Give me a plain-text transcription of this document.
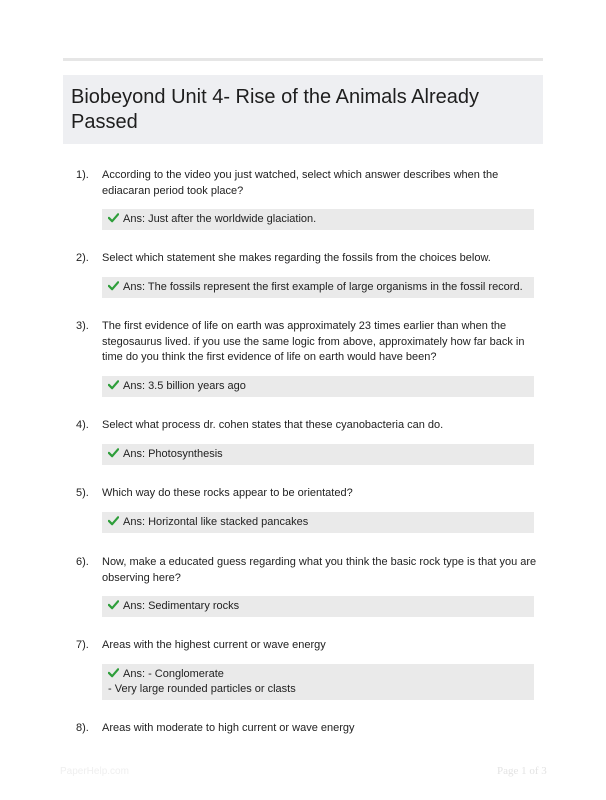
Biobeyond Unit 4- Rise of the Animals Already Passed
1). According to the video you just watched, select which answer describes when the ediacaran period took place?
Ans: Just after the worldwide glaciation.
2). Select which statement she makes regarding the fossils from the choices below.
Ans: The fossils represent the first example of large organisms in the fossil record.
3). The first evidence of life on earth was approximately 23 times earlier than when the stegosaurus lived. if you use the same logic from above, approximately how far back in time do you think the first evidence of life on earth would have been?
Ans: 3.5 billion years ago
4). Select what process dr. cohen states that these cyanobacteria can do.
Ans: Photosynthesis
5). Which way do these rocks appear to be orientated?
Ans: Horizontal like stacked pancakes
6). Now, make a educated guess regarding what you think the basic rock type is that you are observing here?
Ans: Sedimentary rocks
7). Areas with the highest current or wave energy
Ans: - Conglomerate
- Very large rounded particles or clasts
8). Areas with moderate to high current or wave energy
PaperHelp.com	Page 1 of 3
